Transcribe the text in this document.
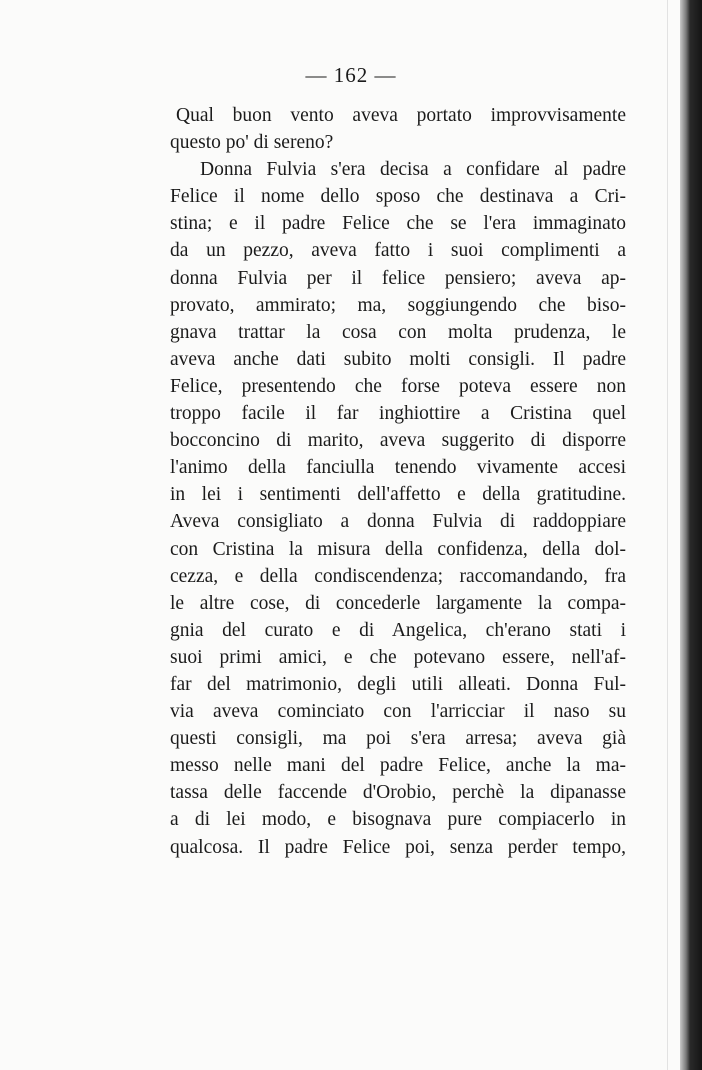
— 162 —
Qual buon vento aveva portato improvvisamente
questo po' di sereno?
Donna Fulvia s'era decisa a confidare al padre
Felice il nome dello sposo che destinava a Cri-
stina; e il padre Felice che se l'era immaginato
da un pezzo, aveva fatto i suoi complimenti a
donna Fulvia per il felice pensiero; aveva ap-
provato, ammirato; ma, soggiungendo che biso-
gnava trattar la cosa con molta prudenza, le
aveva anche dati subito molti consigli. Il padre
Felice, presentendo che forse poteva essere non
troppo facile il far inghiottire a Cristina quel
bocconcino di marito, aveva suggerito di disporre
l'animo della fanciulla tenendo vivamente accesi
in lei i sentimenti dell'affetto e della gratitudine.
Aveva consigliato a donna Fulvia di raddoppiare
con Cristina la misura della confidenza, della dol-
cezza, e della condiscendenza; raccomandando, fra
le altre cose, di concederle largamente la compa-
gnia del curato e di Angelica, ch'erano stati i
suoi primi amici, e che potevano essere, nell'af-
far del matrimonio, degli utili alleati. Donna Ful-
via aveva cominciato con l'arricciar il naso su
questi consigli, ma poi s'era arresa; aveva già
messo nelle mani del padre Felice, anche la ma-
tassa delle faccende d'Orobio, perchè la dipanasse
a di lei modo, e bisognava pure compiacerlo in
qualcosa. Il padre Felice poi, senza perder tempo,
